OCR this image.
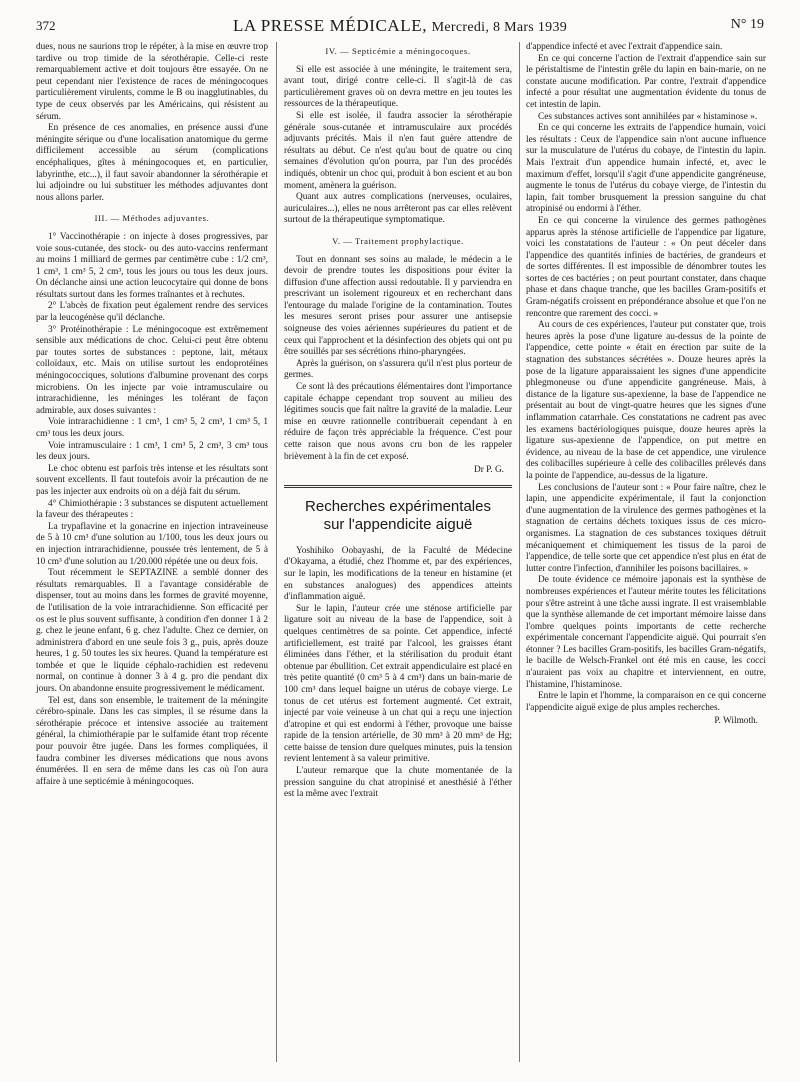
372	LA PRESSE MÉDICALE, Mercredi, 8 Mars 1939	N° 19

dues, nous ne saurions trop le répéter, à la mise en œuvre trop tardive ou trop timide de la sérothérapie. Celle-ci reste remarquablement active et doit toujours être essayée. On ne peut cependant nier l'existence de races de méningocoques particulièrement virulents, comme le B ou inagglutinables, du type de ceux observés par les Américains, qui résistent au sérum.

En présence de ces anomalies, en présence aussi d'une méningite sérique ou d'une localisation anatomique du germe difficilement accessible au sérum (complications encéphaliques, gîtes à méningocoques et, en particulier, labyrinthe, etc...), il faut savoir abandonner la sérothérapie et lui adjoindre ou lui substituer les méthodes adjuvantes dont nous allons parler.

III. — Méthodes adjuvantes.

1° Vaccinothérapie : on injecte à doses progressives, par voie sous-cutanée, des stock- ou des auto-vaccins renfermant au moins 1 milliard de germes par centimètre cube : 1/2 cm³, 1 cm³, 1 cm³ 5, 2 cm³, tous les jours ou tous les deux jours. On déclanche ainsi une action leucocytaire qui donne de bons résultats surtout dans les formes traînantes et à rechutes.

2° L'abcès de fixation peut également rendre des services par la leucogénèse qu'il déclanche.

3° Protéinothérapie : Le méningocoque est extrêmement sensible aux médications de choc. Celui-ci peut être obtenu par toutes sortes de substances : peptone, lait, métaux colloïdaux, etc. Mais on utilise surtout les endoprotéines méningococciques, solutions d'albumine provenant des corps microbiens. On les injecte par voie intramusculaire ou intrarachidienne, les méninges les tolérant de façon admirable, aux doses suivantes :

Voie intrarachidienne : 1 cm³, 1 cm³ 5, 2 cm³, 1 cm³ 5, 1 cm³ tous les deux jours.

Voie intramusculaire : 1 cm³, 1 cm³ 5, 2 cm³, 3 cm³ tous les deux jours.

Le choc obtenu est parfois très intense et les résultats sont souvent excellents. Il faut toutefois avoir la précaution de ne pas les injecter aux endroits où on a déjà fait du sérum.

4° Chimiothérapie : 3 substances se disputent actuellement la faveur des thérapeutes :

La trypaflavine et la gonacrine en injection intraveineuse de 5 à 10 cm³ d'une solution au 1/100, tous les deux jours ou en injection intrarachidienne, poussée très lentement, de 5 à 10 cm³ d'une solution au 1/20.000 répétée une ou deux fois.

Tout récemment le SEPTAZINE a semblé donner des résultats remarquables. Il a l'avantage considérable de dispenser, tout au moins dans les formes de gravité moyenne, de l'utilisation de la voie intrarachidienne. Son efficacité per os est le plus souvent suffisante, à condition d'en donner 1 à 2 g. chez le jeune enfant, 6 g. chez l'adulte. Chez ce dernier, on administrera d'abord en une seule fois 3 g., puis, après douze heures, 1 g. 50 toutes les six heures. Quand la température est tombée et que le liquide céphalo-rachidien est redevenu normal, on continue à donner 3 à 4 g. pro die pendant dix jours. On abandonne ensuite progressivement le médicament.

Tel est, dans son ensemble, le traitement de la méningite cérébro-spinale. Dans les cas simples, il se résume dans la sérothérapie précoce et intensive associée au traitement général, la chimiothérapie par le sulfamide étant trop récente pour pouvoir être jugée. Dans les formes compliquées, il faudra combiner les diverses médications que nous avons énumérées. Il en sera de même dans les cas où l'on aura affaire à une septicémie à méningocoques.

IV. — Septicémie a méningocoques.

Si elle est associée à une méningite, le traitement sera, avant tout, dirigé contre celle-ci. Il s'agit-là de cas particulièrement graves où on devra mettre en jeu toutes les ressources de la thérapeutique.

Si elle est isolée, il faudra associer la sérothérapie générale sous-cutanée et intramusculaire aux procédés adjuvants précités. Mais il n'en faut guère attendre de résultats au début. Ce n'est qu'au bout de quatre ou cinq semaines d'évolution qu'on pourra, par l'un des procédés indiqués, obtenir un choc qui, produit à bon escient et au bon moment, amènera la guérison.

Quant aux autres complications (nerveuses, oculaires, auriculaires...), elles ne nous arrêteront pas car elles relèvent surtout de la thérapeutique symptomatique.

V. — Traitement prophylactique.

Tout en donnant ses soins au malade, le médecin a le devoir de prendre toutes les dispositions pour éviter la diffusion d'une affection aussi redoutable. Il y parviendra en prescrivant un isolement rigoureux et en recherchant dans l'entourage du malade l'origine de la contamination. Toutes les mesures seront prises pour assurer une antisepsie soigneuse des voies aériennes supérieures du patient et de ceux qui l'approchent et la désinfection des objets qui ont pu être souillés par ses sécrétions rhino-pharyngées.

Après la guérison, on s'assurera qu'il n'est plus porteur de germes.

Ce sont là des précautions élémentaires dont l'importance capitale échappe cependant trop souvent au milieu des légitimes soucis que fait naître la gravité de la maladie. Leur mise en œuvre rationnelle contribuerait cependant à en réduire de façon très appréciable la fréquence. C'est pour cette raison que nous avons cru bon de les rappeler brièvement à la fin de cet exposé.

Dr P. G.
Recherches expérimentales
sur l'appendicite aiguë

Yoshihiko Oobayashi, de la Faculté de Médecine d'Okayama, a étudié, chez l'homme et, par des expériences, sur le lapin, les modifications de la teneur en histamine (et en substances analogues) des appendices atteints d'inflammation aiguë.

Sur le lapin, l'auteur crée une sténose artificielle par ligature soit au niveau de la base de l'appendice, soit à quelques centimètres de sa pointe. Cet appendice, infecté artificiellement, est traité par l'alcool, les graisses étant éliminées dans l'éther, et la stérilisation du produit étant obtenue par ébullition. Cet extrait appendiculaire est placé en très petite quantité (0 cm³ 5 à 4 cm³) dans un bain-marie de 100 cm³ dans lequel baigne un utérus de cobaye vierge. Le tonus de cet utérus est fortement augmenté. Cet extrait, injecté par voie veineuse à un chat qui a reçu une injection d'atropine et qui est endormi à l'éther, provoque une baisse rapide de la tension artérielle, de 30 mm³ à 20 mm³ de Hg; cette baisse de tension dure quelques minutes, puis la tension revient lentement à sa valeur primitive.

L'auteur remarque que la chute momentanée de la pression sanguine du chat atropinisé et anesthésié à l'éther est la même avec l'extrait

d'appendice infecté et avec l'extrait d'appendice sain.

En ce qui concerne l'action de l'extrait d'appendice sain sur le péristaltisme de l'intestin grêle du lapin en bain-marie, on ne constate aucune modification. Par contre, l'extrait d'appendice infecté a pour résultat une augmentation évidente du tonus de cet intestin de lapin.

Ces substances actives sont annihilées par « histaminose ».

En ce qui concerne les extraits de l'appendice humain, voici les résultats : Ceux de l'appendice sain n'ont aucune influence sur la musculature de l'utérus du cobaye, de l'intestin du lapin. Mais l'extrait d'un appendice humain infecté, et, avec le maximum d'effet, lorsqu'il s'agit d'une appendicite gangréneuse, augmente le tonus de l'utérus du cobaye vierge, de l'intestin du lapin, fait tomber brusquement la pression sanguine du chat atropinisé ou endormi à l'éther.

En ce qui concerne la virulence des germes pathogènes apparus après la sténose artificielle de l'appendice par ligature, voici les constatations de l'auteur : « On peut déceler dans l'appendice des quantités infinies de bactéries, de grandeurs et de sortes différentes. Il est impossible de dénombrer toutes les sortes de ces bactéries ; on peut pourtant constater, dans chaque phase et dans chaque tranche, que les bacilles Gram-positifs et Gram-négatifs croissent en prépondérance absolue et que l'on ne rencontre que rarement des cocci. »

Au cours de ces expériences, l'auteur put constater que, trois heures après la pose d'une ligature au-dessus de la pointe de l'appendice, cette pointe « était en érection par suite de la stagnation des substances sécrétées ». Douze heures après la pose de la ligature apparaissaient les signes d'une appendicite phlegmoneuse ou d'une appendicite gangréneuse. Mais, à distance de la ligature sus-apexienne, la base de l'appendice ne présentait au bout de vingt-quatre heures que les signes d'une inflammation catarrhale. Ces constatations ne cadrent pas avec les examens bactériologiques puisque, douze heures après la ligature sus-apexienne de l'appendice, on put mettre en évidence, au niveau de la base de cet appendice, une virulence des colibacilles supérieure à celle des colibacilles prélevés dans la pointe de l'appendice, au-dessus de la ligature.

Les conclusions de l'auteur sont : « Pour faire naître, chez le lapin, une appendicite expérimentale, il faut la conjonction d'une augmentation de la virulence des germes pathogènes et la stagnation de certains déchets toxiques issus de ces micro-organismes. La stagnation de ces substances toxiques détruit mécaniquement et chimiquement les tissus de la paroi de l'appendice, de telle sorte que cet appendice n'est plus en état de lutter contre l'infection, d'annihiler les poisons bacillaires. »

De toute évidence ce mémoire japonais est la synthèse de nombreuses expériences et l'auteur mérite toutes les félicitations pour s'être astreint à une tâche aussi ingrate. Il est vraisemblable que la synthèse allemande de cet important mémoire laisse dans l'ombre quelques points importants de cette recherche expérimentale concernant l'appendicite aiguë. Qui pourrait s'en étonner ? Les bacilles Gram-positifs, les bacilles Gram-négatifs, le bacille de Welsch-Frankel ont été mis en cause, les cocci n'auraient pas voix au chapitre et interviennent, en outre, l'histamine, l'histaminose.

Entre le lapin et l'homme, la comparaison en ce qui concerne l'appendicite aiguë exige de plus amples recherches.

P. Wilmoth.
